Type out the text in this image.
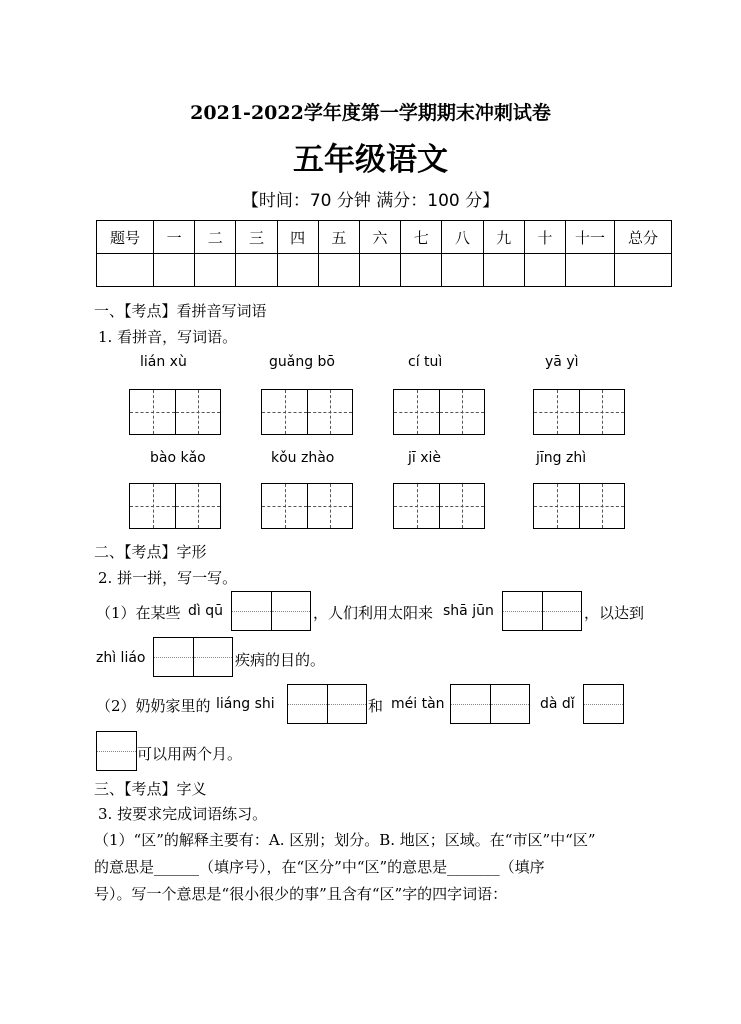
2021-2022学年度第一学期期末冲刺试卷
五年级语文
【时间：70 分钟 满分：100 分】
题号	一	二	三	四	五	六	七	八	九	十	十一	总分

一、【考点】看拼音写词语
1. 看拼音，写词语。
lián xù	guǎng bō	cí tuì	yā yì
bào kǎo	kǒu zhào	jī xiè	jīng zhì
二、【考点】字形
2. 拼一拼，写一写。
（1）在某些 dì qū	，人们利用太阳来 shā jūn	，以达到
zhì liáo	疾病的目的。
（2）奶奶家里的 liáng shi	和 méi tàn	dà dǐ
可以用两个月。
三、【考点】字义
3. 按要求完成词语练习。
（1）“区”的解释主要有：A. 区别；划分。B. 地区；区域。在“市区”中“区”
的意思是______（填序号），在“区分”中“区”的意思是_______（填序
号）。写一个意思是“很小很少的事”且含有“区”字的四字词语：
